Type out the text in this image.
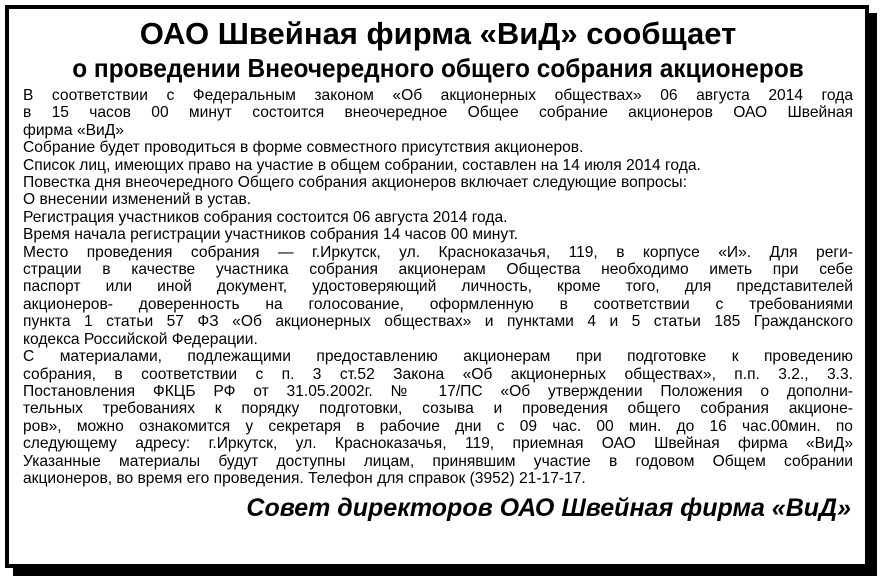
ОАО Швейная фирма «ВиД» сообщает
о проведении Внеочередного общего собрания акционеров

В соответствии с Федеральным законом «Об акционерных обществах» 06 августа 2014 года

в 15 часов 00 минут состоится внеочередное Общее собрание акционеров ОАО Швейная

фирма «ВиД»

Собрание будет проводиться в форме совместного присутствия акционеров.

Список лиц, имеющих право на участие в общем собрании, составлен на 14 июля 2014 года.

Повестка дня внеочередного Общего собрания акционеров включает следующие вопросы:

О внесении изменений в устав.

Регистрация участников собрания состоится 06 августа 2014 года.

Время начала регистрации участников собрания 14 часов 00 минут.

Место проведения собрания — г.Иркутск, ул. Красноказачья, 119, в корпусе «И». Для реги-

страции в качестве участника собрания акционерам Общества необходимо иметь при себе

паспорт или иной документ, удостоверяющий личность, кроме того, для представителей

акционеров- доверенность на голосование, оформленную в соответствии с требованиями

пункта 1 статьи 57 ФЗ «Об акционерных обществах» и пунктами 4 и 5 статьи 185 Гражданского

кодекса Российской Федерации.

С материалами, подлежащими предоставлению акционерам при подготовке к проведению

собрания, в соответствии с п. 3 ст.52 Закона «Об акционерных обществах», п.п. 3.2., 3.3.

Постановления ФКЦБ РФ от 31.05.2002г. № 17/ПС «Об утверждении Положения о дополни-

тельных требованиях к порядку подготовки, созыва и проведения общего собрания акционе-

ров», можно ознакомится у секретаря в рабочие дни с 09 час. 00 мин. до 16 час.00мин. по

следующему адресу: г.Иркутск, ул. Красноказачья, 119, приемная ОАО Швейная фирма «ВиД»

Указанные материалы будут доступны лицам, принявшим участие в годовом Общем собрании

акционеров, во время его проведения. Телефон для справок (3952) 21-17-17.

Совет директоров ОАО Швейная фирма «ВиД»
